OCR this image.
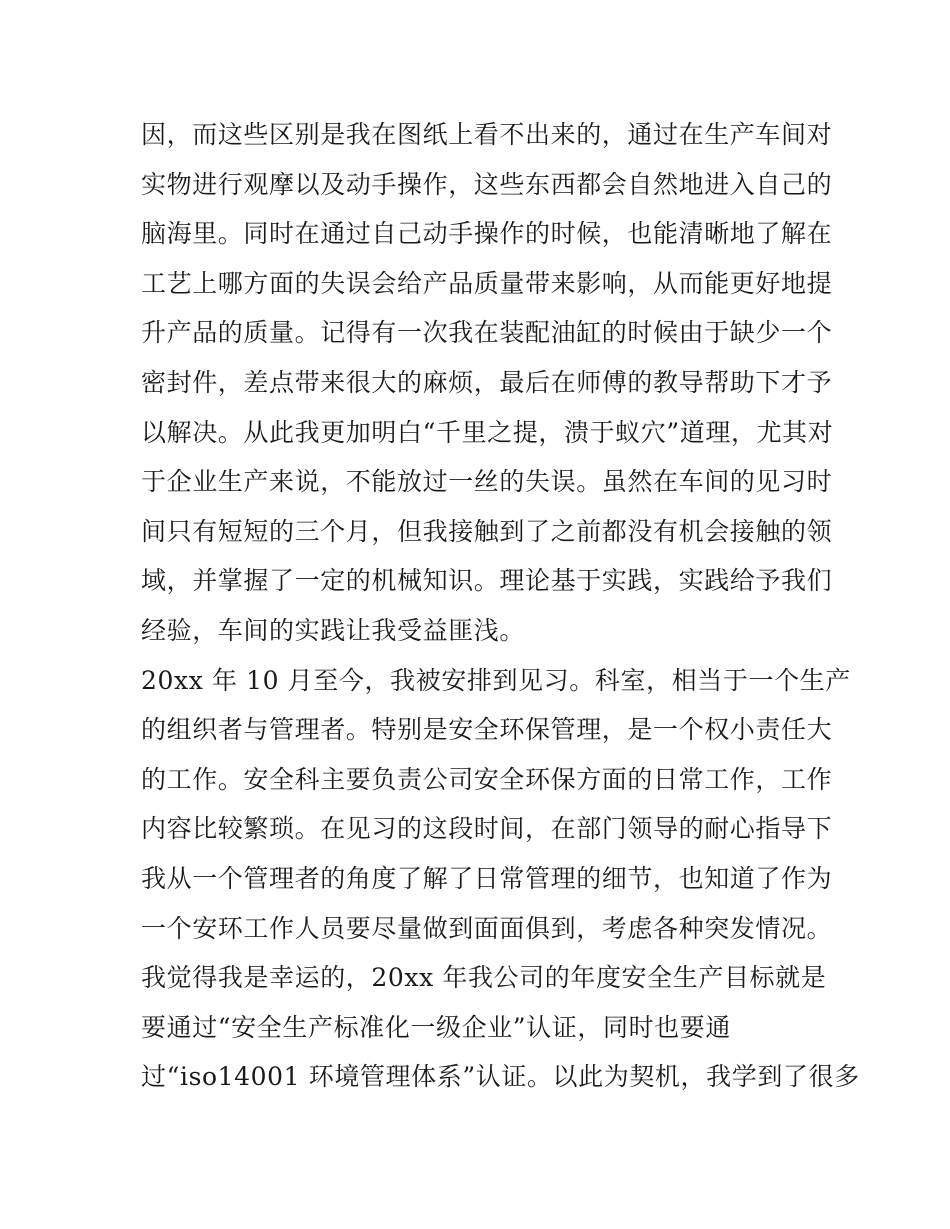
因，而这些区别是我在图纸上看不出来的，通过在生产车间对
实物进行观摩以及动手操作，这些东西都会自然地进入自己的
脑海里。同时在通过自己动手操作的时候，也能清晰地了解在
工艺上哪方面的失误会给产品质量带来影响，从而能更好地提
升产品的质量。记得有一次我在装配油缸的时候由于缺少一个
密封件，差点带来很大的麻烦，最后在师傅的教导帮助下才予
以解决。从此我更加明白“千里之提，溃于蚁穴”道理，尤其对
于企业生产来说，不能放过一丝的失误。虽然在车间的见习时
间只有短短的三个月，但我接触到了之前都没有机会接触的领
域，并掌握了一定的机械知识。理论基于实践，实践给予我们
经验，车间的实践让我受益匪浅。
20xx 年 10 月至今，我被安排到见习。科室，相当于一个生产
的组织者与管理者。特别是安全环保管理，是一个权小责任大
的工作。安全科主要负责公司安全环保方面的日常工作，工作
内容比较繁琐。在见习的这段时间，在部门领导的耐心指导下
我从一个管理者的角度了解了日常管理的细节，也知道了作为
一个安环工作人员要尽量做到面面俱到，考虑各种突发情况。
我觉得我是幸运的，20xx 年我公司的年度安全生产目标就是
要通过“安全生产标准化一级企业”认证，同时也要通
过“iso14001 环境管理体系”认证。以此为契机，我学到了很多
